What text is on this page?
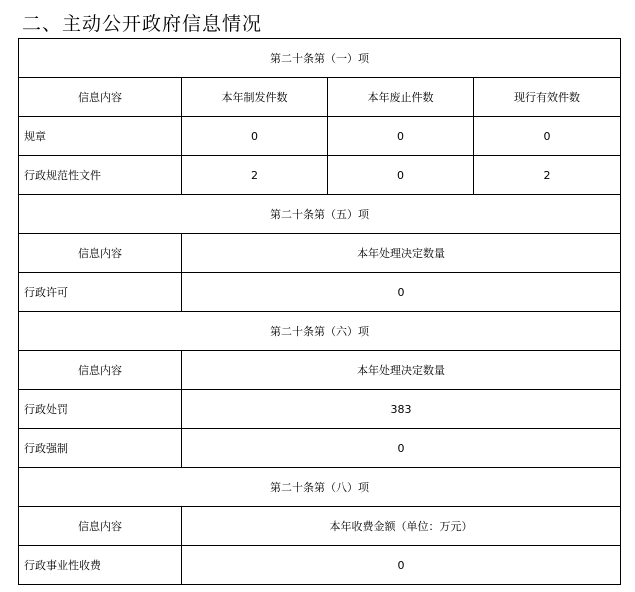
二、主动公开政府信息情况
第二十条第（一）项			
信息内容	本年制发件数	本年废止件数	现行有效件数
规章	0	0	0
行政规范性文件	2	0	2
第二十条第（五）项			
信息内容	本年处理决定数量		
行政许可	0		
第二十条第（六）项			
信息内容	本年处理决定数量		
行政处罚	383		
行政强制	0		
第二十条第（八）项			
信息内容	本年收费金额（单位：万元）		
行政事业性收费	0		
